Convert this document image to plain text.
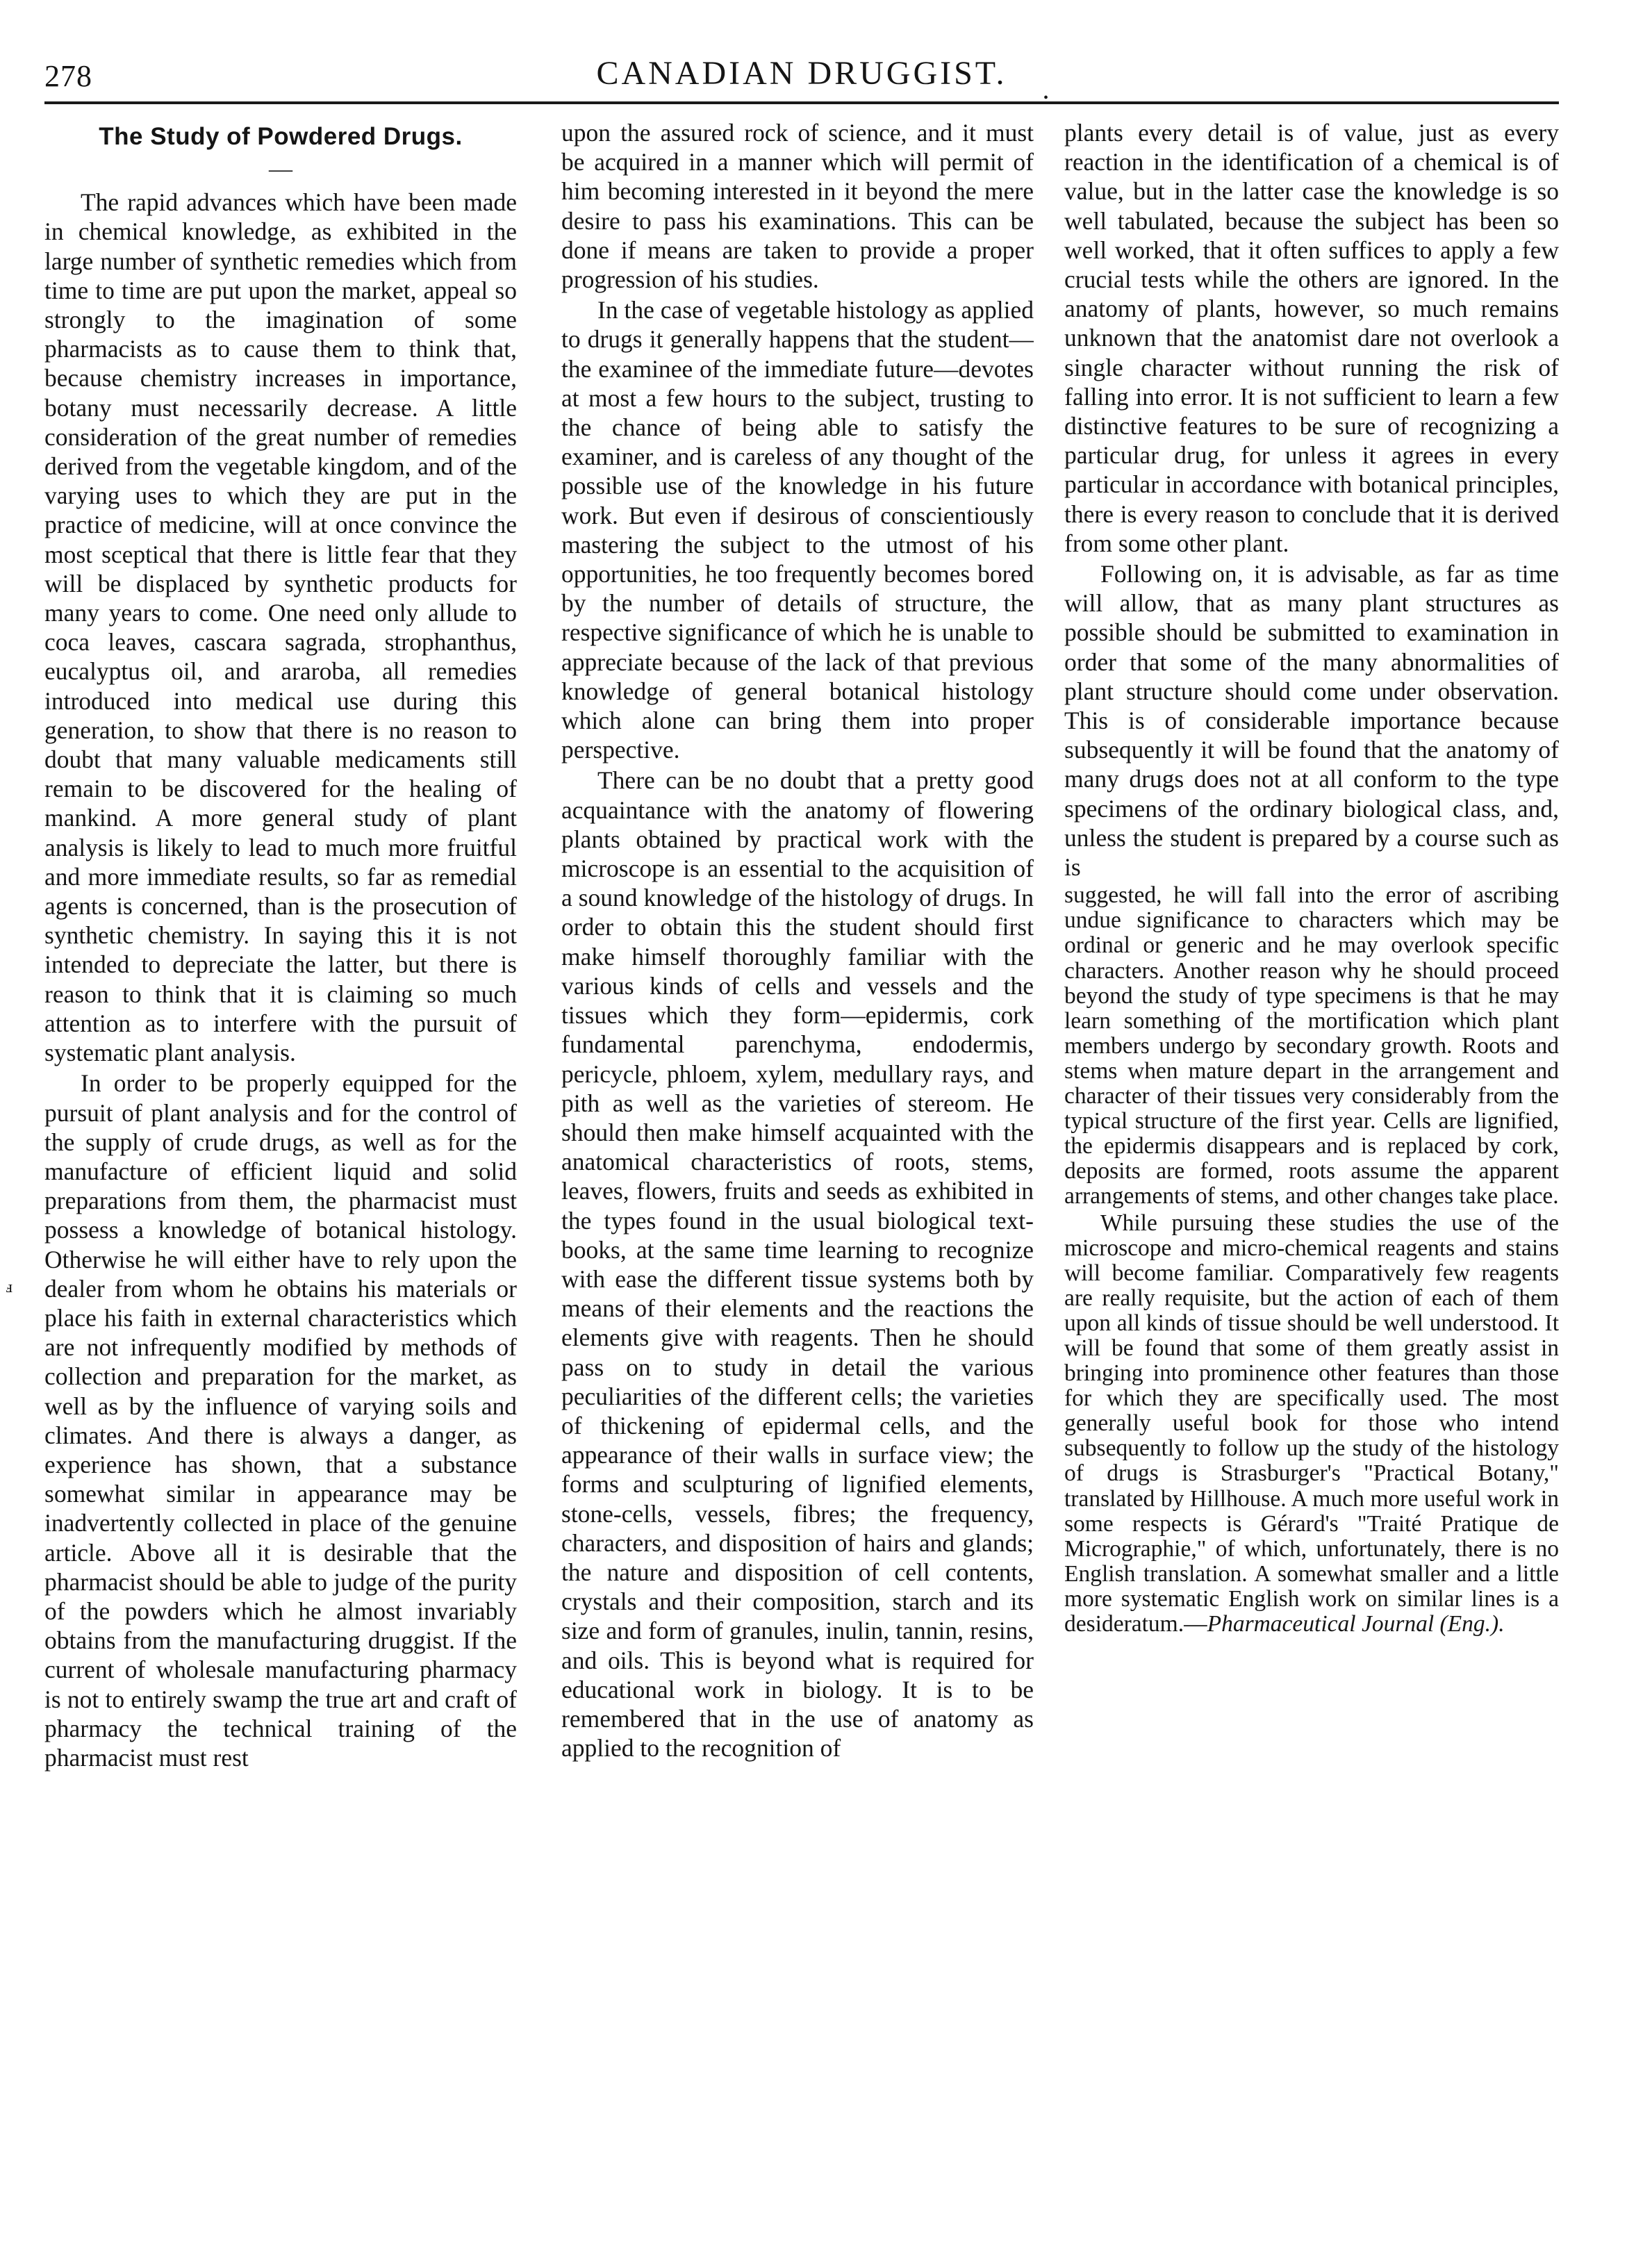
278	CANADIAN DRUGGIST.
•
The Study of Powdered Drugs.
—

The rapid advances which have been made in chemical knowledge, as exhibited in the large number of synthetic remedies which from time to time are put upon the market, appeal so strongly to the imagination of some pharmacists as to cause them to think that, because chemistry increases in importance, botany must necessarily decrease. A little consideration of the great number of remedies derived from the vegetable kingdom, and of the varying uses to which they are put in the practice of medicine, will at once convince the most sceptical that there is little fear that they will be displaced by synthetic products for many years to come. One need only allude to coca leaves, cascara sagrada, strophanthus, eucalyptus oil, and araroba, all remedies introduced into medical use during this generation, to show that there is no reason to doubt that many valuable medicaments still remain to be discovered for the healing of mankind. A more general study of plant analysis is likely to lead to much more fruitful and more immediate results, so far as remedial agents is concerned, than is the prosecution of synthetic chemistry. In saying this it is not intended to depreciate the latter, but there is reason to think that it is claiming so much attention as to interfere with the pursuit of systematic plant analysis.

In order to be properly equipped for the pursuit of plant analysis and for the control of the supply of crude drugs, as well as for the manufacture of efficient liquid and solid preparations from them, the pharmacist must possess a knowledge of botanical histology. Otherwise he will either have to rely upon the dealer from whom he obtains his materials or place his faith in external characteristics which are not infrequently modified by methods of collection and preparation for the market, as well as by the influence of varying soils and climates. And there is always a danger, as experience has shown, that a substance somewhat similar in appearance may be inadvertently collected in place of the genuine article. Above all it is desirable that the pharmacist should be able to judge of the purity of the powders which he almost invariably obtains from the manufacturing druggist. If the current of wholesale manufacturing pharmacy is not to entirely swamp the true art and craft of pharmacy the technical training of the pharmacist must rest

ⅎ

upon the assured rock of science, and it must be acquired in a manner which will permit of him becoming interested in it beyond the mere desire to pass his examinations. This can be done if means are taken to provide a proper progression of his studies.

In the case of vegetable histology as applied to drugs it generally happens that the student—the examinee of the immediate future—devotes at most a few hours to the subject, trusting to the chance of being able to satisfy the examiner, and is careless of any thought of the possible use of the knowledge in his future work. But even if desirous of conscientiously mastering the subject to the utmost of his opportunities, he too frequently becomes bored by the number of details of structure, the respective significance of which he is unable to appreciate because of the lack of that previous knowledge of general botanical histology which alone can bring them into proper perspective.

There can be no doubt that a pretty good acquaintance with the anatomy of flowering plants obtained by practical work with the microscope is an essential to the acquisition of a sound knowledge of the histology of drugs. In order to obtain this the student should first make himself thoroughly familiar with the various kinds of cells and vessels and the tissues which they form—epidermis, cork fundamental parenchyma, endodermis, pericycle, phloem, xylem, medullary rays, and pith as well as the varieties of stereom. He should then make himself acquainted with the anatomical characteristics of roots, stems, leaves, flowers, fruits and seeds as exhibited in the types found in the usual biological text-books, at the same time learning to recognize with ease the different tissue systems both by means of their elements and the reactions the elements give with reagents. Then he should pass on to study in detail the various peculiarities of the different cells; the varieties of thickening of epidermal cells, and the appearance of their walls in surface view; the forms and sculpturing of lignified elements, stone-cells, vessels, fibres; the frequency, characters, and disposition of hairs and glands; the nature and disposition of cell contents, crystals and their composition, starch and its size and form of granules, inulin, tannin, resins, and oils. This is beyond what is required for educational work in biology. It is to be remembered that in the use of anatomy as applied to the recognition of

plants every detail is of value, just as every reaction in the identification of a chemical is of value, but in the latter case the knowledge is so well tabulated, because the subject has been so well worked, that it often suffices to apply a few crucial tests while the others are ignored. In the anatomy of plants, however, so much remains unknown that the anatomist dare not overlook a single character without running the risk of falling into error. It is not sufficient to learn a few distinctive features to be sure of recognizing a particular drug, for unless it agrees in every particular in accordance with botanical principles, there is every reason to conclude that it is derived from some other plant.

Following on, it is advisable, as far as time will allow, that as many plant structures as possible should be submitted to examination in order that some of the many abnormalities of plant structure should come under observation. This is of considerable importance because subsequently it will be found that the anatomy of many drugs does not at all conform to the type specimens of the ordinary biological class, and, unless the student is prepared by a course such as is

suggested, he will fall into the error of ascribing undue significance to characters which may be ordinal or generic and he may overlook specific characters. Another reason why he should proceed beyond the study of type specimens is that he may learn something of the mortification which plant members undergo by secondary growth. Roots and stems when mature depart in the arrangement and character of their tissues very considerably from the typical structure of the first year. Cells are lignified, the epidermis disappears and is replaced by cork, deposits are formed, roots assume the apparent arrangements of stems, and other changes take place.

While pursuing these studies the use of the microscope and micro-chemical reagents and stains will become familiar. Comparatively few reagents are really requisite, but the action of each of them upon all kinds of tissue should be well understood. It will be found that some of them greatly assist in bringing into prominence other features than those for which they are specifically used. The most generally useful book for those who intend subsequently to follow up the study of the histology of drugs is Strasburger's "Practical Botany," translated by Hillhouse. A much more useful work in some respects is Gérard's "Traité Pratique de Micrographie," of which, unfortunately, there is no English translation. A somewhat smaller and a little more systematic English work on similar lines is a desideratum.—Pharmaceutical Journal (Eng.).
